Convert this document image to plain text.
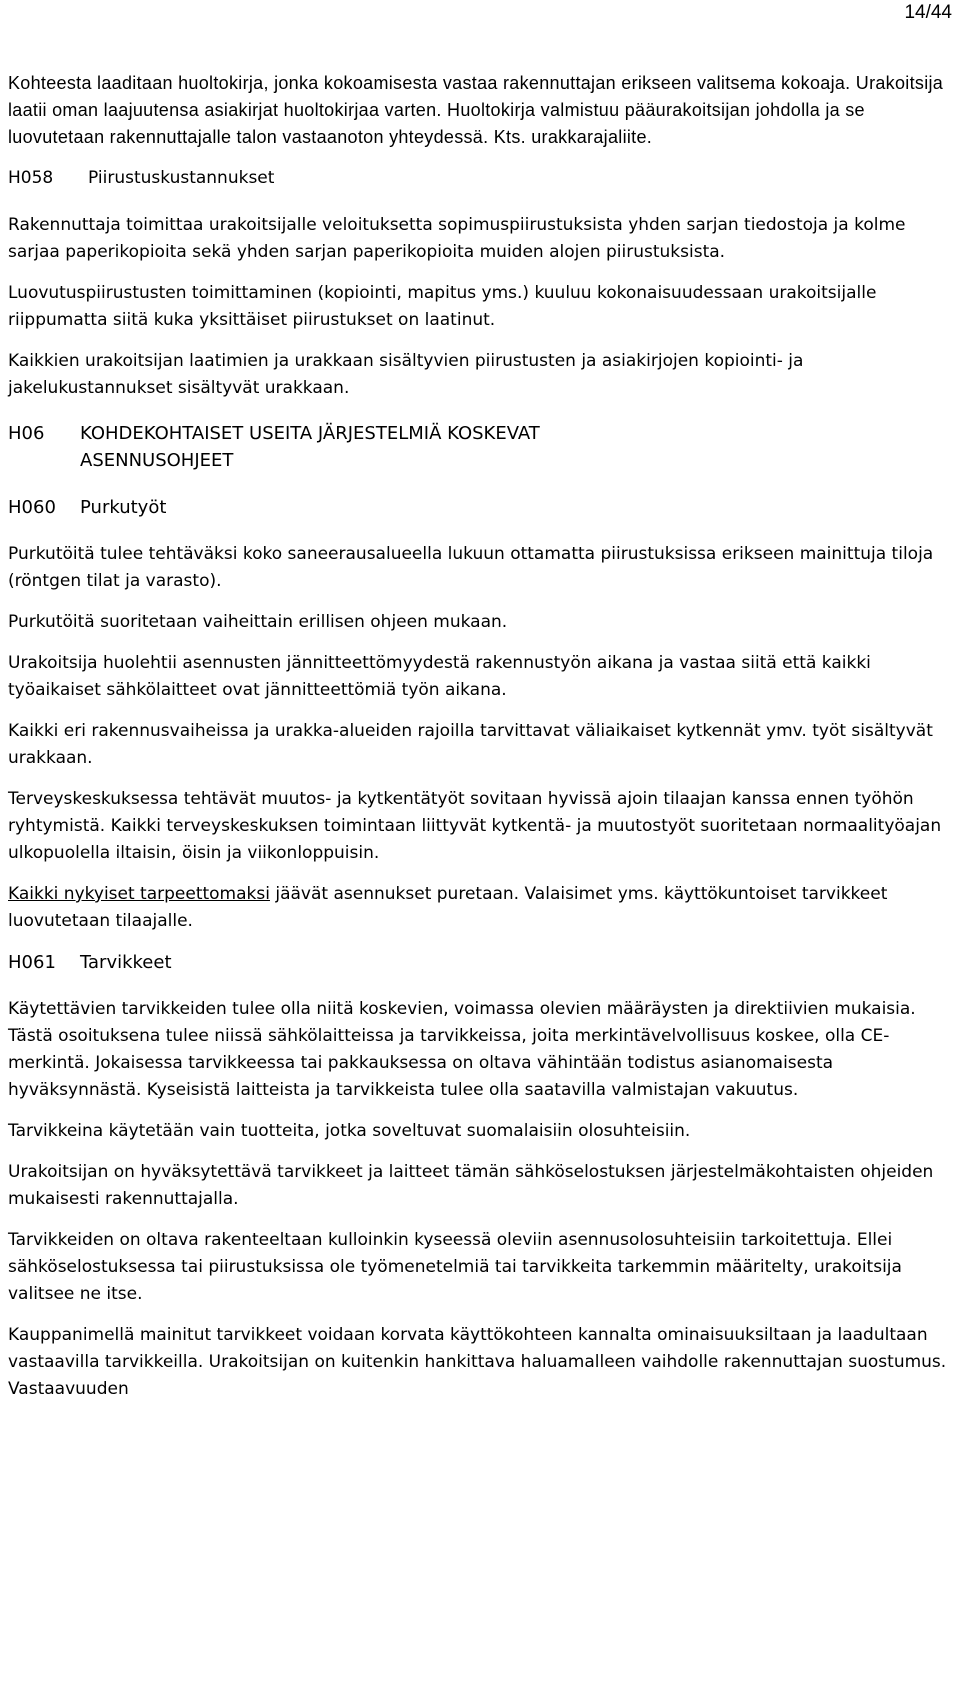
14/44

Kohteesta laaditaan huoltokirja, jonka kokoamisesta vastaa rakennuttajan erikseen valitsema kokoaja. Urakoitsija laatii oman laajuutensa asiakirjat huoltokirjaa varten. Huoltokirja valmistuu pääurakoitsijan johdolla ja se luovutetaan rakennuttajalle talon vastaanoton yhteydessä. Kts. urakkarajaliite.

H058	Piirustuskustannukset

Rakennuttaja toimittaa urakoitsijalle veloituksetta sopimuspiirustuksista yhden sarjan tiedostoja ja kolme sarjaa paperikopioita sekä yhden sarjan paperikopioita muiden alojen piirustuksista.

Luovutuspiirustusten toimittaminen (kopiointi, mapitus yms.) kuuluu kokonaisuudessaan urakoitsijalle riippumatta siitä kuka yksittäiset piirustukset on laatinut.

Kaikkien urakoitsijan laatimien ja urakkaan sisältyvien piirustusten ja asiakirjojen kopiointi- ja jakelukustannukset sisältyvät urakkaan.

H06	KOHDEKOHTAISET USEITA JÄRJESTELMIÄ KOSKEVAT ASENNUSOHJEET
H060	Purkutyöt

Purkutöitä tulee tehtäväksi koko saneerausalueella lukuun ottamatta piirustuksissa erikseen mainittuja tiloja (röntgen tilat ja varasto).

Purkutöitä suoritetaan vaiheittain erillisen ohjeen mukaan.

Urakoitsija huolehtii asennusten jännitteettömyydestä rakennustyön aikana ja vastaa siitä että kaikki työaikaiset sähkölaitteet ovat jännitteettömiä työn aikana.

Kaikki eri rakennusvaiheissa ja urakka-alueiden rajoilla tarvittavat väliaikaiset kytkennät ymv. työt sisältyvät urakkaan.

Terveyskeskuksessa tehtävät muutos- ja kytkentätyöt sovitaan hyvissä ajoin tilaajan kanssa ennen työhön ryhtymistä. Kaikki terveyskeskuksen toimintaan liittyvät kytkentä- ja muutostyöt suoritetaan normaalityöajan ulkopuolella iltaisin, öisin ja viikonloppuisin.

Kaikki nykyiset tarpeettomaksi jäävät asennukset puretaan. Valaisimet yms. käyttökuntoiset tarvikkeet luovutetaan tilaajalle.

H061	Tarvikkeet

Käytettävien tarvikkeiden tulee olla niitä koskevien, voimassa olevien määräysten ja direktiivien mukaisia. Tästä osoituksena tulee niissä sähkölaitteissa ja tarvikkeissa, joita merkintävelvollisuus koskee, olla CE-merkintä. Jokaisessa tarvikkeessa tai pakkauksessa on oltava vähintään todistus asianomaisesta hyväksynnästä. Kyseisistä laitteista ja tarvikkeista tulee olla saatavilla valmistajan vakuutus.

Tarvikkeina käytetään vain tuotteita, jotka soveltuvat suomalaisiin olosuhteisiin.

Urakoitsijan on hyväksytettävä tarvikkeet ja laitteet tämän sähköselostuksen järjestelmäkohtaisten ohjeiden mukaisesti rakennuttajalla.

Tarvikkeiden on oltava rakenteeltaan kulloinkin kyseessä oleviin asennusolosuhteisiin tarkoitettuja. Ellei sähköselostuksessa tai piirustuksissa ole työmenetelmiä tai tarvikkeita tarkemmin määritelty, urakoitsija valitsee ne itse.

Kauppanimellä mainitut tarvikkeet voidaan korvata käyttökohteen kannalta ominaisuuksiltaan ja laadultaan vastaavilla tarvikkeilla. Urakoitsijan on kuitenkin hankittava haluamalleen vaihdolle rakennuttajan suostumus. Vastaavuuden
